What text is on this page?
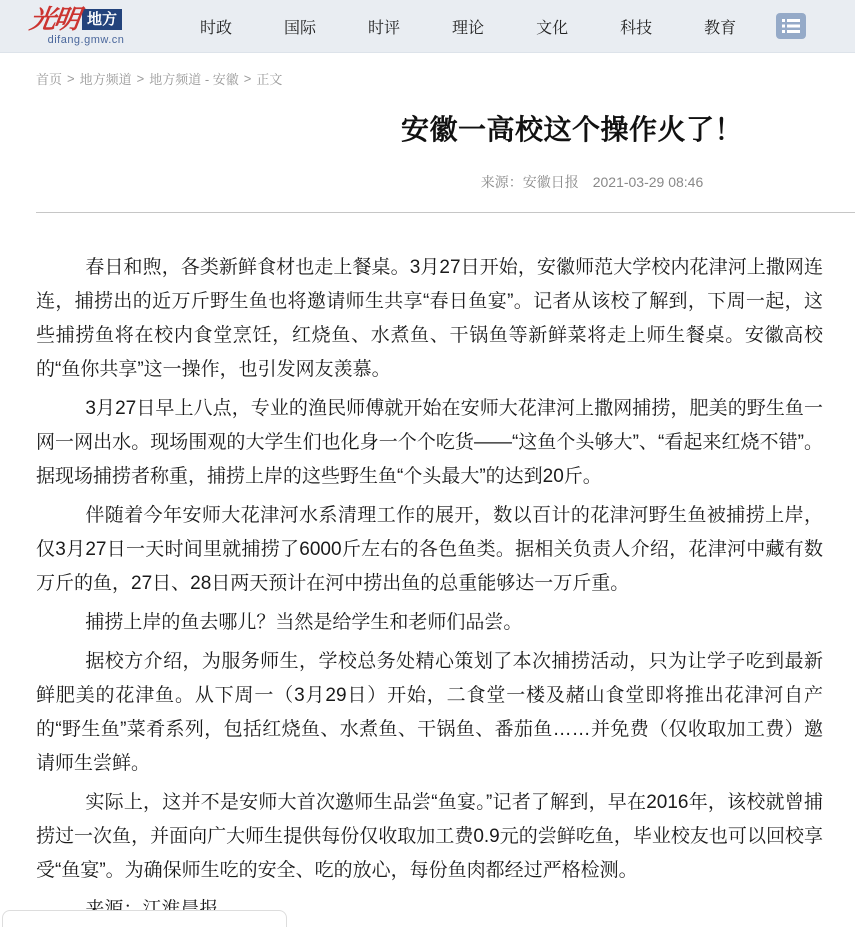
光明 地方
difang.gmw.cn
时政	国际	时评	理论	文化	科技	教育
首页 > 地方频道 > 地方频道 - 安徽 > 正文
安徽一高校这个操作火了！
来源：安徽日报 2021-03-29 08:46

春日和煦，各类新鲜食材也走上餐桌。3月27日开始，安徽师范大学校内花津河上撒网连连，捕捞出的近万斤野生鱼也将邀请师生共享“春日鱼宴”。记者从该校了解到，下周一起，这些捕捞鱼将在校内食堂烹饪，红烧鱼、水煮鱼、干锅鱼等新鲜菜将走上师生餐桌。安徽高校的“鱼你共享”这一操作，也引发网友羡慕。

3月27日早上八点，专业的渔民师傅就开始在安师大花津河上撒网捕捞，肥美的野生鱼一网一网出水。现场围观的大学生们也化身一个个吃货——“这鱼个头够大”、“看起来红烧不错”。据现场捕捞者称重，捕捞上岸的这些野生鱼“个头最大”的达到20斤。

伴随着今年安师大花津河水系清理工作的展开，数以百计的花津河野生鱼被捕捞上岸，仅3月27日一天时间里就捕捞了6000斤左右的各色鱼类。据相关负责人介绍，花津河中藏有数万斤的鱼，27日、28日两天预计在河中捞出鱼的总重能够达一万斤重。

捕捞上岸的鱼去哪儿？当然是给学生和老师们品尝。

据校方介绍，为服务师生，学校总务处精心策划了本次捕捞活动，只为让学子吃到最新鲜肥美的花津鱼。从下周一（3月29日）开始，二食堂一楼及赭山食堂即将推出花津河自产的“野生鱼”菜肴系列，包括红烧鱼、水煮鱼、干锅鱼、番茄鱼……并免费（仅收取加工费）邀请师生尝鲜。

实际上，这并不是安师大首次邀师生品尝“鱼宴。”记者了解到，早在2016年，该校就曾捕捞过一次鱼，并面向广大师生提供每份仅收取加工费0.9元的尝鲜吃鱼，毕业校友也可以回校享受“鱼宴”。为确保师生吃的安全、吃的放心，每份鱼肉都经过严格检测。
